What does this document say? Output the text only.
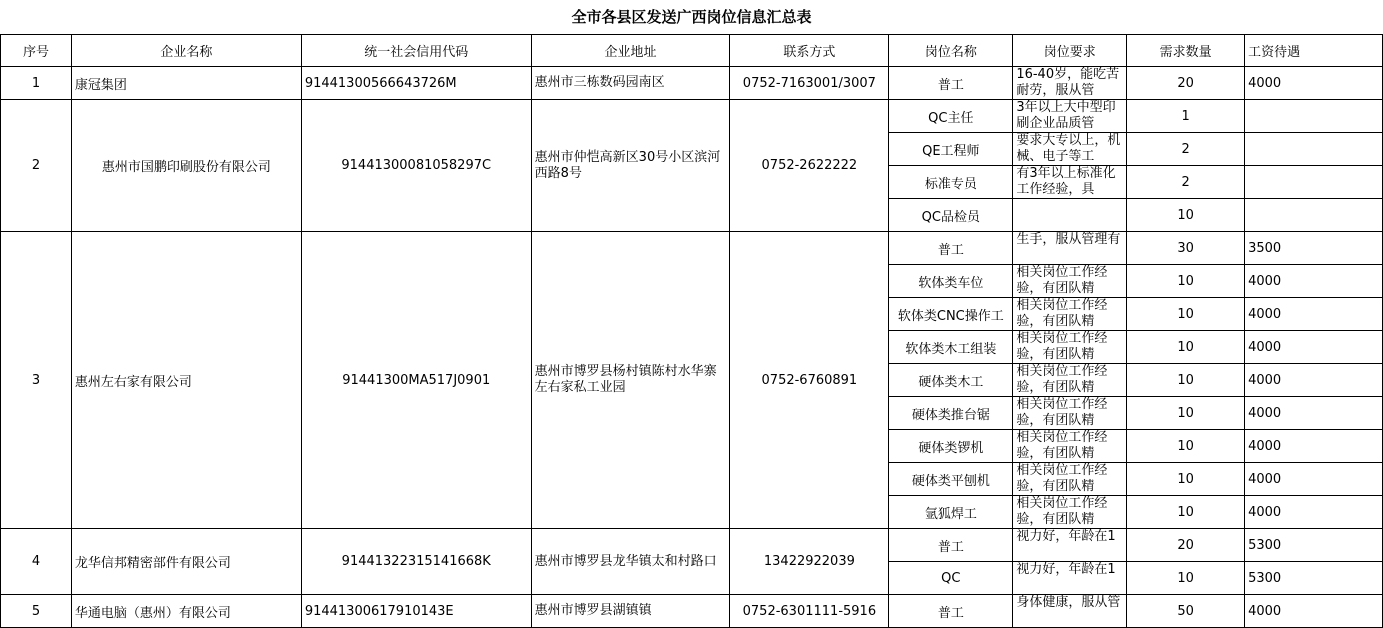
全市各县区发送广西岗位信息汇总表
序号	企业名称	统一社会信用代码	企业地址	联系方式	岗位名称	岗位要求	需求数量	工资待遇
1	康冠集团	91441300566643726M	惠州市三栋数码园南区	0752-7163001/3007	普工	16-40岁，能吃苦耐劳，服从管	20	4000
2	惠州市国鹏印刷股份有限公司	91441300081058297C	惠州市仲恺高新区30号小区滨河西路8号	0752-2622222	QC主任	3年以上大中型印刷企业品质管	1	
					QE工程师	要求大专以上，机械、电子等工	2	
					标准专员	有3年以上标准化工作经验，具	2	
					QC品检员		10	
3	惠州左右家有限公司	91441300MA517J0901	惠州市博罗县杨村镇陈村水华寨左右家私工业园	0752-6760891	普工	生手，服从管理有	30	3500
					软体类车位	相关岗位工作经验，有团队精	10	4000
					软体类CNC操作工	相关岗位工作经验，有团队精	10	4000
					软体类木工组装	相关岗位工作经验，有团队精	10	4000
					硬体类木工	相关岗位工作经验，有团队精	10	4000
					硬体类推台锯	相关岗位工作经验，有团队精	10	4000
					硬体类锣机	相关岗位工作经验，有团队精	10	4000
					硬体类平刨机	相关岗位工作经验，有团队精	10	4000
					氩狐焊工	相关岗位工作经验，有团队精	10	4000
4	龙华信邦精密部件有限公司	91441322315141668K	惠州市博罗县龙华镇太和村路口	13422922039	普工	视力好，年龄在1	20	5300
					QC	视力好，年龄在1	10	5300
5	华通电脑（惠州）有限公司	91441300617910143E	惠州市博罗县湖镇镇	0752-6301111-5916	普工	身体健康，服从管	50	4000
